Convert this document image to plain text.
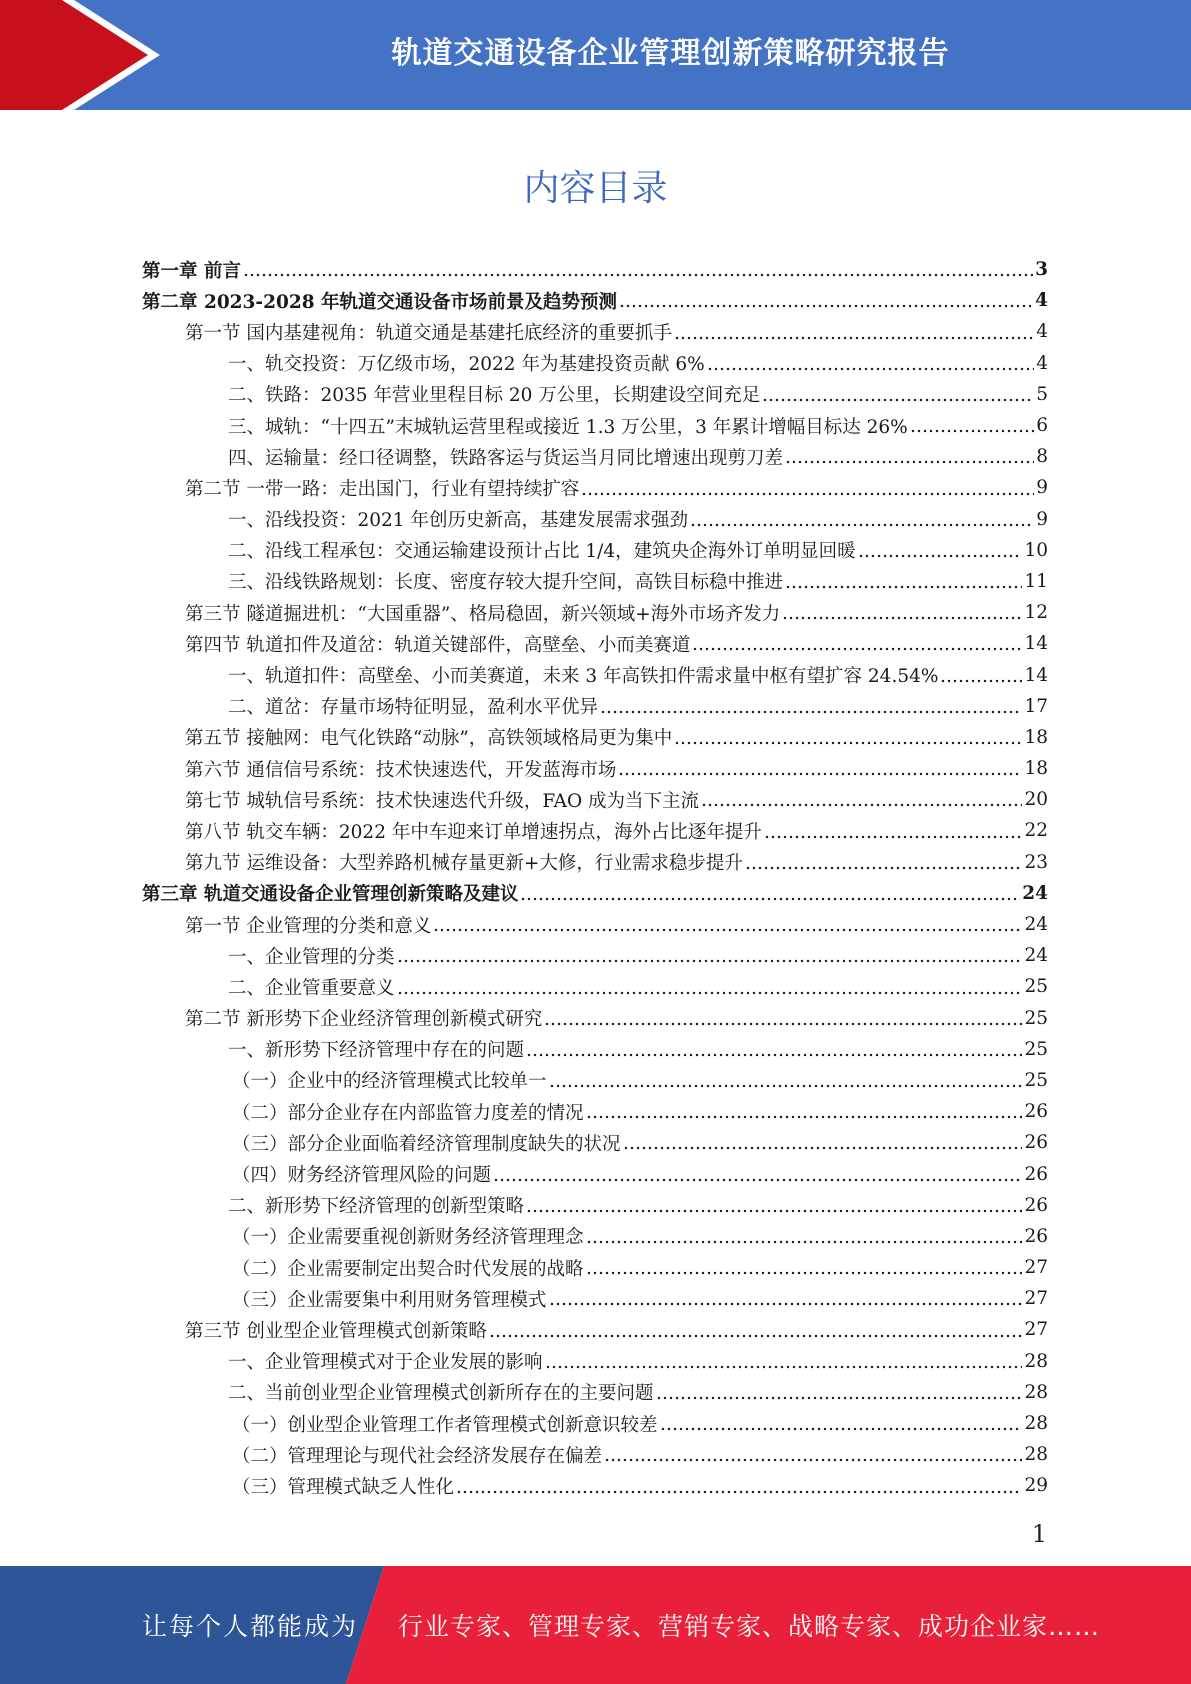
轨道交通设备企业管理创新策略研究报告
内容目录
第一章 前言	3
第二章 2023-2028 年轨道交通设备市场前景及趋势预测	4
第一节 国内基建视角：轨道交通是基建托底经济的重要抓手	4
一、轨交投资：万亿级市场，2022 年为基建投资贡献 6%	4
二、铁路：2035 年营业里程目标 20 万公里，长期建设空间充足	5
三、城轨：“十四五”末城轨运营里程或接近 1.3 万公里，3 年累计增幅目标达 26%	6
四、运输量：经口径调整，铁路客运与货运当月同比增速出现剪刀差	8
第二节 一带一路：走出国门，行业有望持续扩容	9
一、沿线投资：2021 年创历史新高，基建发展需求强劲	9
二、沿线工程承包：交通运输建设预计占比 1/4，建筑央企海外订单明显回暖	10
三、沿线铁路规划：长度、密度存较大提升空间，高铁目标稳中推进	11
第三节 隧道掘进机：“大国重器”、格局稳固，新兴领域+海外市场齐发力	12
第四节 轨道扣件及道岔：轨道关键部件，高壁垒、小而美赛道	14
一、轨道扣件：高壁垒、小而美赛道，未来 3 年高铁扣件需求量中枢有望扩容 24.54%	14
二、道岔：存量市场特征明显，盈利水平优异	17
第五节 接触网：电气化铁路“动脉”，高铁领域格局更为集中	18
第六节 通信信号系统：技术快速迭代，开发蓝海市场	18
第七节 城轨信号系统：技术快速迭代升级，FAO 成为当下主流	20
第八节 轨交车辆：2022 年中车迎来订单增速拐点，海外占比逐年提升	22
第九节 运维设备：大型养路机械存量更新+大修，行业需求稳步提升	23
第三章 轨道交通设备企业管理创新策略及建议	24
第一节 企业管理的分类和意义	24
一、企业管理的分类	24
二、企业管重要意义	25
第二节 新形势下企业经济管理创新模式研究	25
一、新形势下经济管理中存在的问题	25
（一）企业中的经济管理模式比较单一	25
（二）部分企业存在内部监管力度差的情况	26
（三）部分企业面临着经济管理制度缺失的状况	26
（四）财务经济管理风险的问题	26
二、新形势下经济管理的创新型策略	26
（一）企业需要重视创新财务经济管理理念	26
（二）企业需要制定出契合时代发展的战略	27
（三）企业需要集中利用财务管理模式	27
第三节 创业型企业管理模式创新策略	27
一、企业管理模式对于企业发展的影响	28
二、当前创业型企业管理模式创新所存在的主要问题	28
（一）创业型企业管理工作者管理模式创新意识较差	28
（二）管理理论与现代社会经济发展存在偏差	28
（三）管理模式缺乏人性化	29
1
让每个人都能成为 行业专家、管理专家、营销专家、战略专家、成功企业家……
